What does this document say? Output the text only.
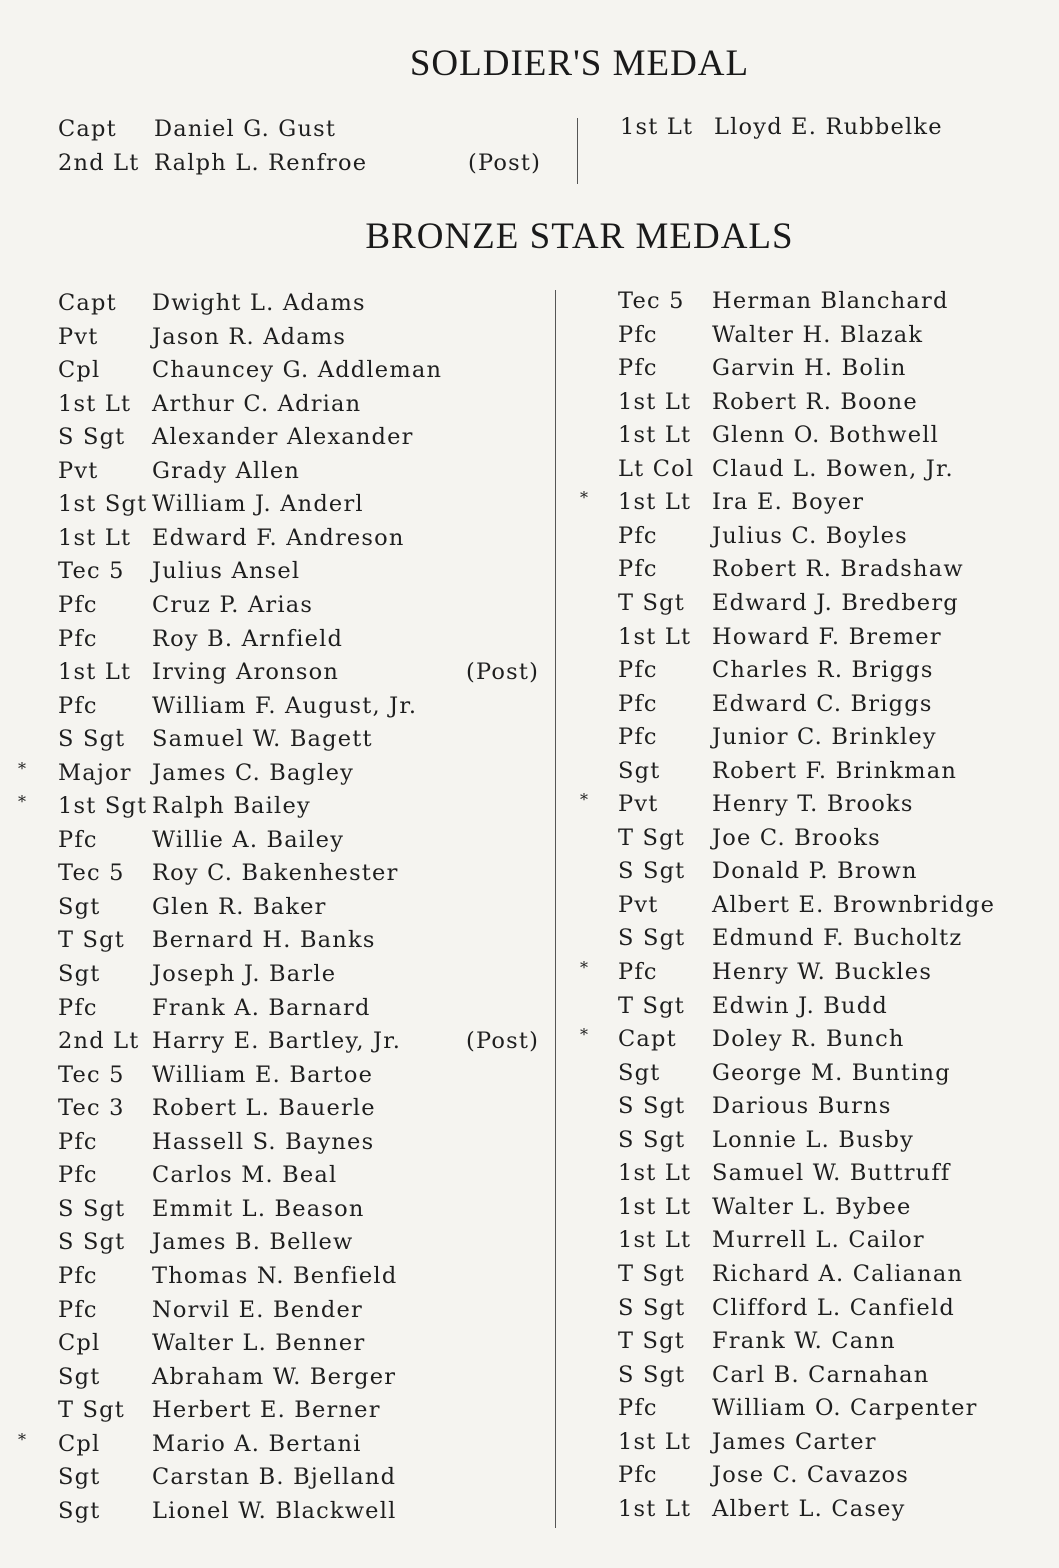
SOLDIER'S MEDAL
Capt Daniel G. Gust
2nd Lt Ralph L. Renfroe	(Post)
1st Lt Lloyd E. Rubbelke
BRONZE STAR MEDALS
Capt Dwight L. Adams
Pvt Jason R. Adams
Cpl Chauncey G. Addleman
1st Lt Arthur C. Adrian
S Sgt Alexander Alexander
Pvt Grady Allen
1st Sgt William J. Anderl
1st Lt Edward F. Andreson
Tec 5 Julius Ansel
Pfc Cruz P. Arias
Pfc Roy B. Arnfield
1st Lt Irving Aronson	(Post)
Pfc William F. August, Jr.
S Sgt Samuel W. Bagett
* Major James C. Bagley
* 1st Sgt Ralph Bailey
Pfc Willie A. Bailey
Tec 5 Roy C. Bakenhester
Sgt Glen R. Baker
T Sgt Bernard H. Banks
Sgt Joseph J. Barle
Pfc Frank A. Barnard
2nd Lt Harry E. Bartley, Jr.	(Post)
Tec 5 William E. Bartoe
Tec 3 Robert L. Bauerle
Pfc Hassell S. Baynes
Pfc Carlos M. Beal
S Sgt Emmit L. Beason
S Sgt James B. Bellew
Pfc Thomas N. Benfield
Pfc Norvil E. Bender
Cpl Walter L. Benner
Sgt Abraham W. Berger
T Sgt Herbert E. Berner
* Cpl Mario A. Bertani
Sgt Carstan B. Bjelland
Sgt Lionel W. Blackwell
Tec 5 Herman Blanchard
Pfc Walter H. Blazak
Pfc Garvin H. Bolin
1st Lt Robert R. Boone
1st Lt Glenn O. Bothwell
Lt Col Claud L. Bowen, Jr.
* 1st Lt Ira E. Boyer
Pfc Julius C. Boyles
Pfc Robert R. Bradshaw
T Sgt Edward J. Bredberg
1st Lt Howard F. Bremer
Pfc Charles R. Briggs
Pfc Edward C. Briggs
Pfc Junior C. Brinkley
Sgt Robert F. Brinkman
* Pvt Henry T. Brooks
T Sgt Joe C. Brooks
S Sgt Donald P. Brown
Pvt Albert E. Brownbridge
S Sgt Edmund F. Bucholtz
* Pfc Henry W. Buckles
T Sgt Edwin J. Budd
* Capt Doley R. Bunch
Sgt George M. Bunting
S Sgt Darious Burns
S Sgt Lonnie L. Busby
1st Lt Samuel W. Buttruff
1st Lt Walter L. Bybee
1st Lt Murrell L. Cailor
T Sgt Richard A. Calianan
S Sgt Clifford L. Canfield
T Sgt Frank W. Cann
S Sgt Carl B. Carnahan
Pfc William O. Carpenter
1st Lt James Carter
Pfc Jose C. Cavazos
1st Lt Albert L. Casey
